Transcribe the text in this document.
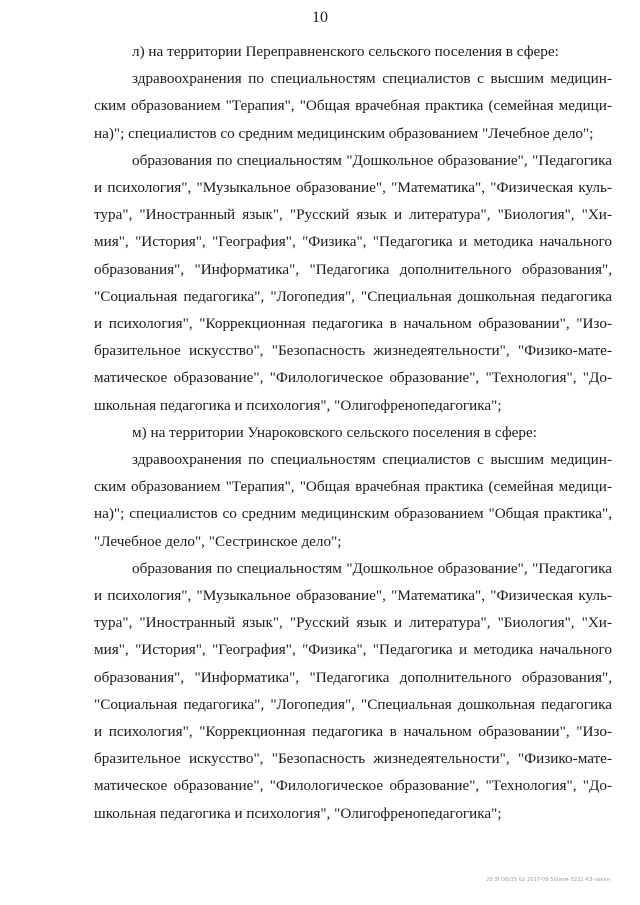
10

л) на территории Переправненского сельского поселения в сфере:

здравоохранения по специальностям специалистов с высшим медицинским образованием "Терапия", "Общая врачебная практика (семейная медицина)"; специалистов со средним медицинским образованием "Лечебное дело";

образования по специальностям "Дошкольное образование", "Педагогика и психология", "Музыкальное образование", "Математика", "Физическая культура", "Иностранный язык", "Русский язык и литература", "Биология", "Химия", "История", "География", "Физика", "Педагогика и методика начального образования", "Информатика", "Педагогика дополнительного образования", "Социальная педагогика", "Логопедия", "Специальная дошкольная педагогика и психология", "Коррекционная педагогика в начальном образовании", "Изобразительное искусство", "Безопасность жизнедеятельности", "Физико-математическое образование", "Филологическое образование", "Технология", "Дошкольная педагогика и психология", "Олигофренопедагогика";

м) на территории Унароковского сельского поселения в сфере:

здравоохранения по специальностям специалистов с высшим медицинским образованием "Терапия", "Общая врачебная практика (семейная медицина)"; специалистов со средним медицинским образованием "Общая практика", "Лечебное дело", "Сестринское дело";

образования по специальностям "Дошкольное образование", "Педагогика и психология", "Музыкальное образование", "Математика", "Физическая культура", "Иностранный язык", "Русский язык и литература", "Биология", "Химия", "История", "География", "Физика", "Педагогика и методика начального образования", "Информатика", "Педагогика дополнительного образования", "Социальная педагогика", "Логопедия", "Специальная дошкольная педагогика и психология", "Коррекционная педагогика в начальном образовании", "Изобразительное искусство", "Безопасность жизнедеятельности", "Физико-математическое образование", "Филологическое образование", "Технология", "Дошкольная педагогика и психология", "Олигофренопедагогика";

20 Зf OБ/15 02 2017-09 50/изм-3232-КЗ-закон
